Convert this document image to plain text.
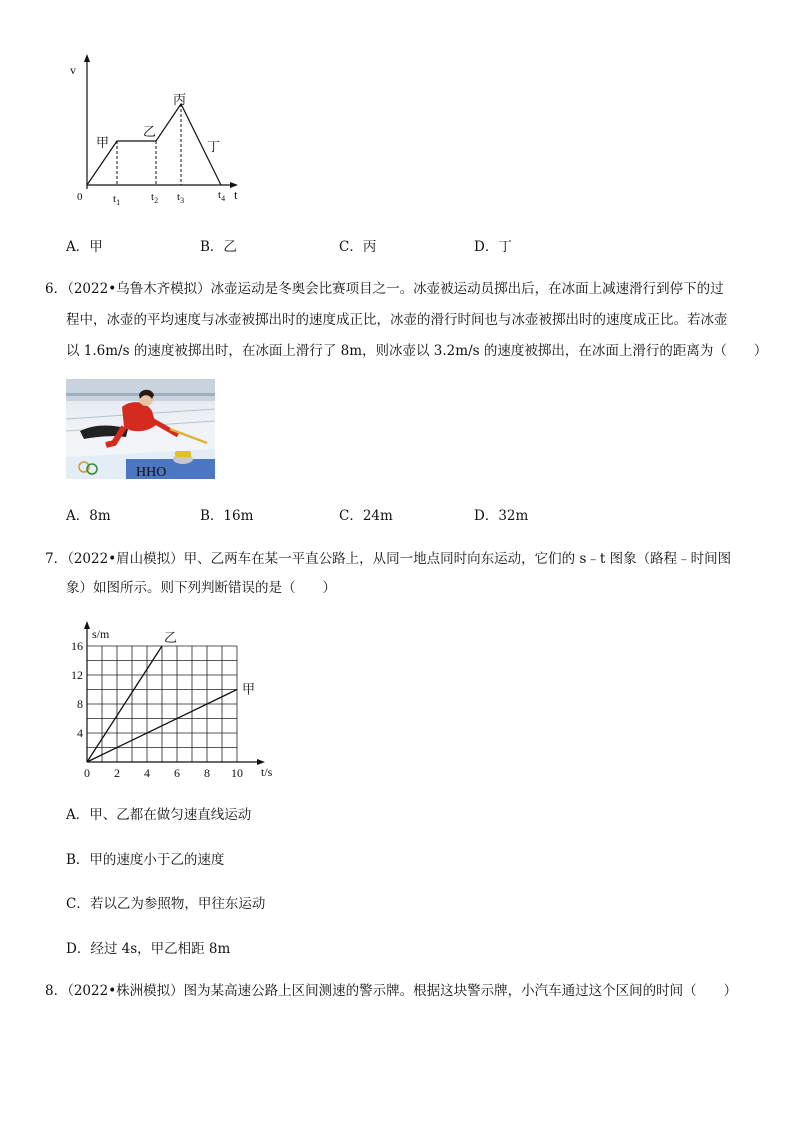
v
t
0
甲
乙
丙
丁
$t_1$	$t_2$ $t_3$	$t_4$
A．甲	B．乙	C．丙	D．丁
6．（2022•乌鲁木齐模拟）冰壶运动是冬奥会比赛项目之一。冰壶被运动员掷出后，在冰面上减速滑行到停下的过
程中，冰壶的平均速度与冰壶被掷出时的速度成正比，冰壶的滑行时间也与冰壶被掷出时的速度成正比。若冰壶
以 1.6m/s 的速度被掷出时，在冰面上滑行了 8m，则冰壶以 3.2m/s 的速度被掷出，在冰面上滑行的距离为（　　）
HHO
A．8m	B．16m	C．24m	D．32m
7．（2022•眉山模拟）甲、乙两车在某一平直公路上，从同一地点同时向东运动，它们的 s﹣t 图象（路程﹣时间图
象）如图所示。则下列判断错误的是（　　）
0 2 4 6 8 10
4
8
12
16
s/m
t/s
乙
甲
A．甲、乙都在做匀速直线运动
B．甲的速度小于乙的速度
C．若以乙为参照物，甲往东运动
D．经过 4s，甲乙相距 8m
8．（2022•株洲模拟）图为某高速公路上区间测速的警示牌。根据这块警示牌，小汽车通过这个区间的时间（　　）
